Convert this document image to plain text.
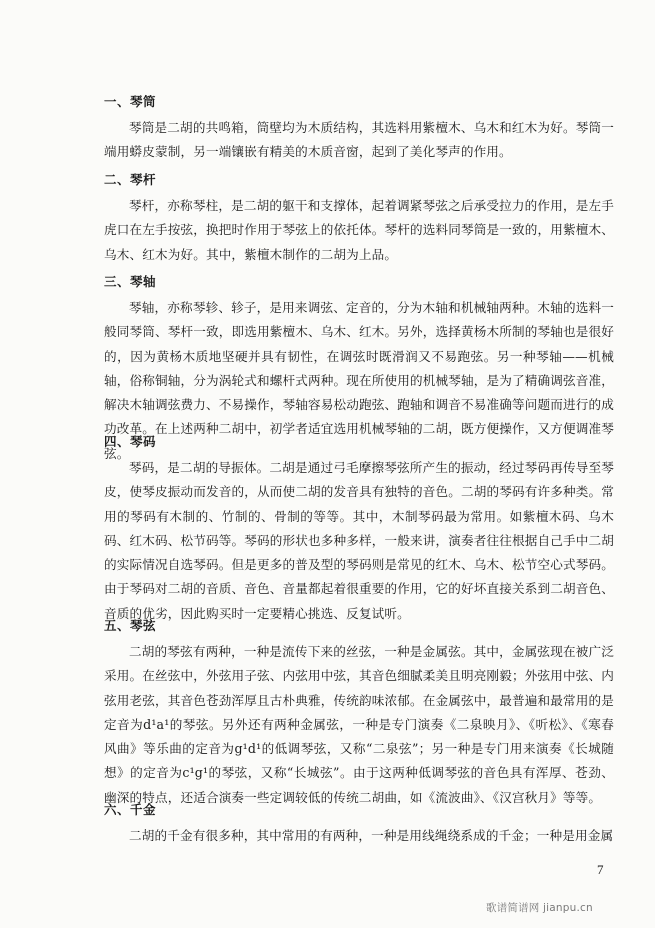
一、琴筒

琴筒是二胡的共鸣箱，筒壁均为木质结构，其选料用紫檀木、乌木和红木为好。琴筒一端用蟒皮蒙制，另一端镶嵌有精美的木质音窗，起到了美化琴声的作用。

二、琴杆

琴杆，亦称琴柱，是二胡的躯干和支撑体，起着调紧琴弦之后承受拉力的作用，是左手虎口在左手按弦，换把时作用于琴弦上的依托体。琴杆的选料同琴筒是一致的，用紫檀木、乌木、红木为好。其中，紫檀木制作的二胡为上品。

三、琴轴

琴轴，亦称琴轸、轸子，是用来调弦、定音的，分为木轴和机械轴两种。木轴的选料一般同琴筒、琴杆一致，即选用紫檀木、乌木、红木。另外，选择黄杨木所制的琴轴也是很好的，因为黄杨木质地坚硬并具有韧性，在调弦时既滑润又不易跑弦。另一种琴轴——机械轴，俗称铜轴，分为涡轮式和螺杆式两种。现在所使用的机械琴轴，是为了精确调弦音准，解决木轴调弦费力、不易操作，琴轴容易松动跑弦、跑轴和调音不易准确等问题而进行的成功改革。在上述两种二胡中，初学者适宜选用机械琴轴的二胡，既方便操作，又方便调准琴弦。

四、琴码

琴码，是二胡的导振体。二胡是通过弓毛摩擦琴弦所产生的振动，经过琴码再传导至琴皮，使琴皮振动而发音的，从而使二胡的发音具有独特的音色。二胡的琴码有许多种类。常用的琴码有木制的、竹制的、骨制的等等。其中，木制琴码最为常用。如紫檀木码、乌木码、红木码、松节码等。琴码的形状也多种多样，一般来讲，演奏者往往根据自己手中二胡的实际情况自选琴码。但是更多的普及型的琴码则是常见的红木、乌木、松节空心式琴码。由于琴码对二胡的音质、音色、音量都起着很重要的作用，它的好坏直接关系到二胡音色、音质的优劣，因此购买时一定要精心挑选、反复试听。

五、琴弦

二胡的琴弦有两种，一种是流传下来的丝弦，一种是金属弦。其中，金属弦现在被广泛采用。在丝弦中，外弦用子弦、内弦用中弦，其音色细腻柔美且明亮刚毅；外弦用中弦、内弦用老弦，其音色苍劲浑厚且古朴典雅，传统韵味浓郁。在金属弦中，最普遍和最常用的是定音为d¹a¹的琴弦。另外还有两种金属弦，一种是专门演奏《二泉映月》、《听松》、《寒春风曲》等乐曲的定音为g¹d¹的低调琴弦，又称“二泉弦”；另一种是专门用来演奏《长城随想》的定音为c¹g¹的琴弦，又称“长城弦”。由于这两种低调琴弦的音色具有浑厚、苍劲、幽深的特点，还适合演奏一些定调较低的传统二胡曲，如《流波曲》、《汉宫秋月》等等。

六、千金

二胡的千金有很多种，其中常用的有两种，一种是用线绳绕系成的千金；一种是用金属

7
歌谱简谱网 jianpu.cn
